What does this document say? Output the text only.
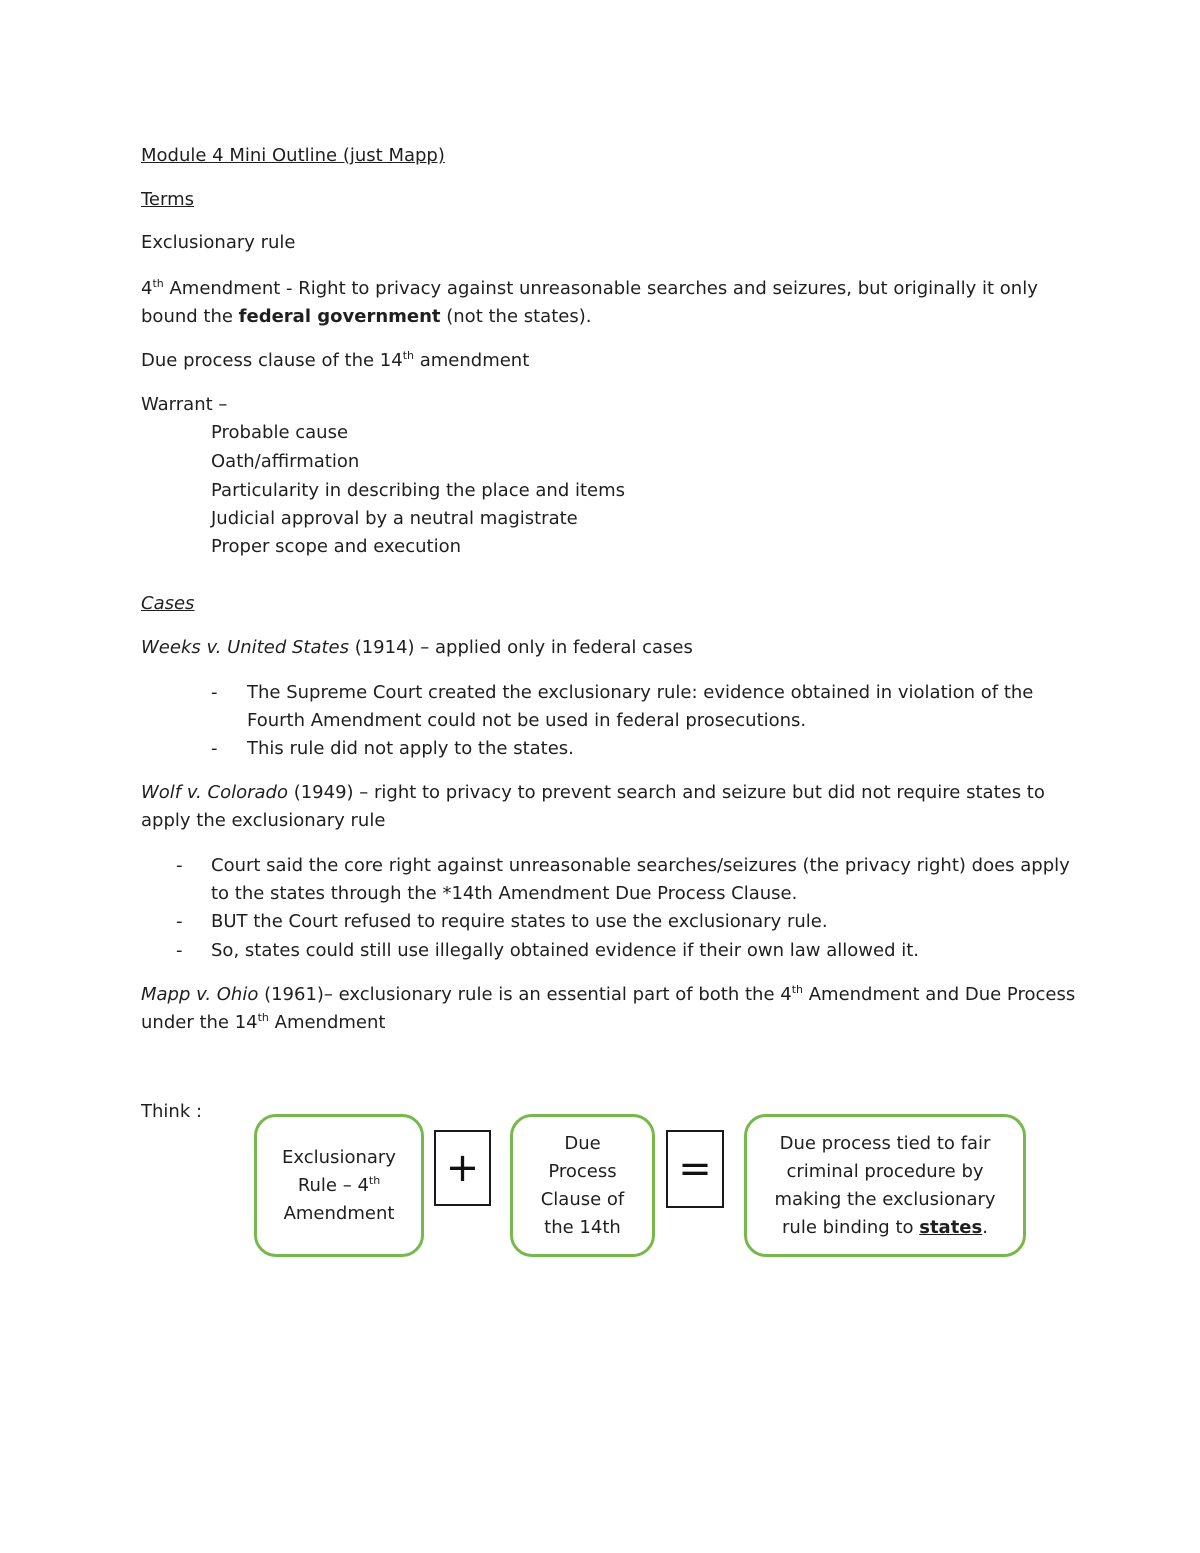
Module 4 Mini Outline (just Mapp)
Terms
Exclusionary rule
4th Amendment - Right to privacy against unreasonable searches and seizures, but originally it only
bound the federal government (not the states).
Due process clause of the 14th amendment
Warrant –
Probable cause
Oath/affirmation
Particularity in describing the place and items
Judicial approval by a neutral magistrate
Proper scope and execution
Cases
Weeks v. United States (1914) – applied only in federal cases
-	The Supreme Court created the exclusionary rule: evidence obtained in violation of the
Fourth Amendment could not be used in federal prosecutions.
-	This rule did not apply to the states.
Wolf v. Colorado (1949) – right to privacy to prevent search and seizure but did not require states to
apply the exclusionary rule
-	Court said the core right against unreasonable searches/seizures (the privacy right) does apply
to the states through the *14th Amendment Due Process Clause.
-	BUT the Court refused to require states to use the exclusionary rule.
-	So, states could still use illegally obtained evidence if their own law allowed it.
Mapp v. Ohio (1961)– exclusionary rule is an essential part of both the 4th Amendment and Due Process
under the 14th Amendment
Think :
Exclusionary
Rule – 4th
Amendment
+
Due
Process
Clause of
the 14th
=
Due process tied to fair
criminal procedure by
making the exclusionary
rule binding to states.
